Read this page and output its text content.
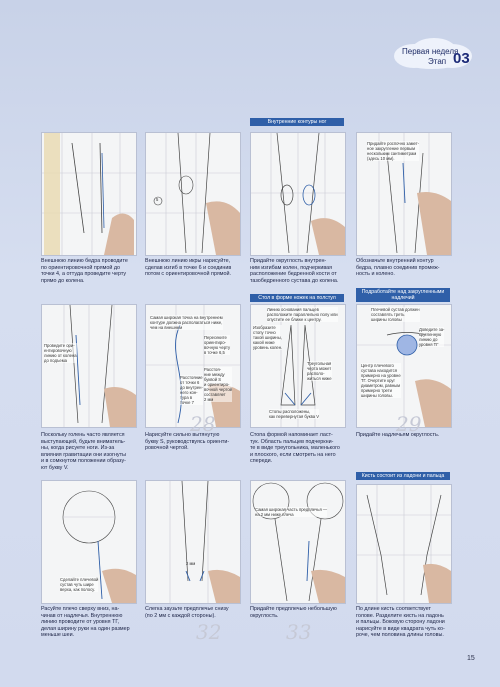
Первая неделя
Этап 03
5
Внутренние контуры ног
Придайте роспочно замет-
ное закругление первым
нескольким сантиметрам
(здесь 10 мм).
Внешнюю линию бедра проводите
по ориентировочной прямой до
точки 4, а оттуда проведите черту
прямо до колена.
Внешнюю линию икры нарисуйте,
сделав изгиб в точке 6 и соединив
потом с ориентировочной прямой.
Придайте округлость внутрен-
ним изгибам колен, подчеркивая
расположение бедренной кости от
тазобедренного сустава до колена.
Обозначьте внутренний контур
бедра, плавно соединив промеж-
ность и колено.
Проведите ори-
ентировочную
линию от колена
до подъема
Самая широкая точка на внутреннем
контуре должна располагаться ниже,
чем на внешнем
Пересеките
ориентиро-
вочную черту
в точке 6,5
Расстоя-
ние между
буквой S
и ориентиро-
вочной чертой
составляет
2 мм
Расстояние
от точки 6
до внутрен-
него кон-
тура в
точке 7
Стол в форме ножек на полстул
Линию основания пальцев
расположите параллельно полу или
опустите ее ближе к центру.
Изобразите
стопу точно
такой ширины,
какой ниже
уровень колен.
Треугольная
черта может
располо-
житься ниже
Стопы расположены,
как перевернутая буква V
Подработайте над закругленными
надлечий
Плечевой сустав должен
составлять треть
ширины головы
Доведите за-
кругленную
линию до
уровня ТГ
Центр плечевого
сустава находится
примерно на уровне
ТГ. Очертите круг
диаметром, равным
примерно трети
ширины головы.
Поскольку голень часто является
выступающей, будьте вниматель-
ны, когда рисуете ноги. Из-за
влияния гравитации они изогнуты
и в сомкнутом положении образу-
ют букву V.
Нарисуйте сильно вытянутую
букву S, руководствуясь ориенти-
ровочной чертой.
Стопа формой напоминает ласт-
тук. Область пальцев подчеркни-
те в виде треугольника, маленького
и плоского, если смотреть на него
спереди.
Придайте надлечьям округлость.
28	29
Сделайте плечевой
сустав чуть шире
верха, как полосу.
2 мм
Самая широкая часть предплечья —
на 2 мм ниже плеча
Кисть состоит из ладони и пальца
Расуйте плечо сверху вниз, на-
чинав от надлечья. Внутреннюю
линию проводите от уровня ТГ,
делая ширину руки на один размер
меньше шеи.
Слегка заузьте предплечье снизу
(по 2 мм с каждой стороны).
Придайте предплечью небольшую
округлость.
По длине кисть соответствует
голове. Разделите кисть на ладонь
и пальцы. Боковую сторону ладони
нарисуйте в виде квадрата чуть ко-
роче, чем половина длины головы.
32	33
15
